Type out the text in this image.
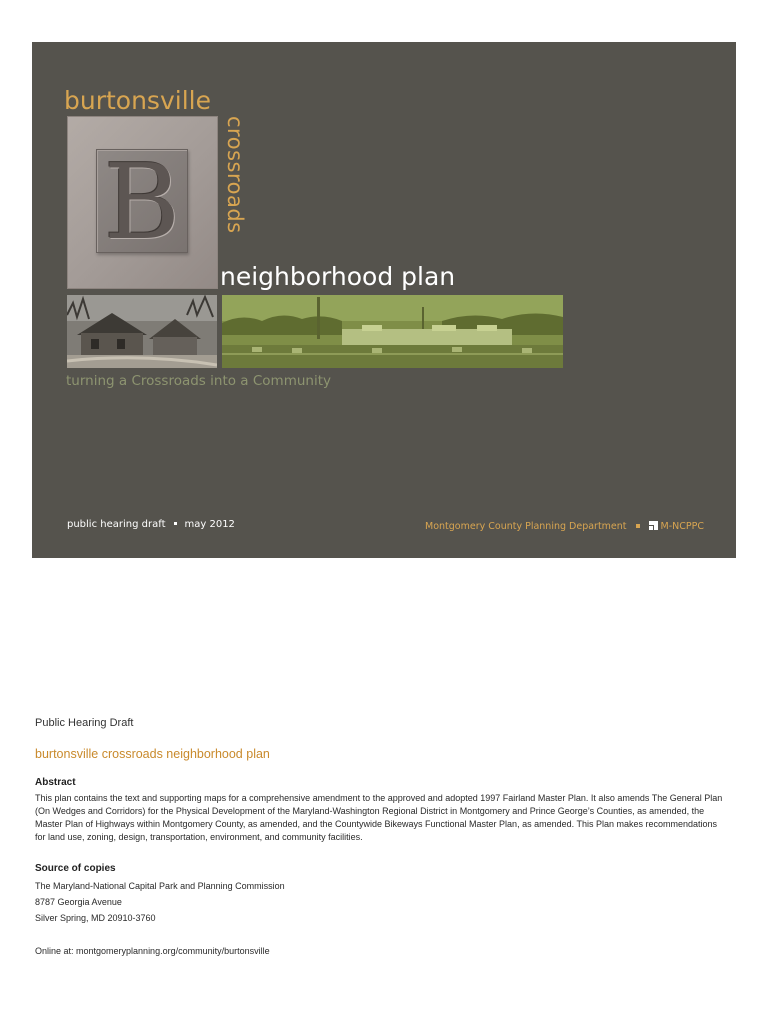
burtonsville
B	crossroads
neighborhood plan
turning a Crossroads into a Community
public hearing draft may 2012	Montgomery County Planning Department	M-NCPPC
Public Hearing Draft
burtonsville crossroads neighborhood plan
Abstract
This plan contains the text and supporting maps for a comprehensive amendment to the approved and adopted 1997 Fairland Master Plan. It also amends The General Plan (On Wedges and Corridors) for the Physical Development of the Maryland-Washington Regional District in Montgomery and Prince George’s Counties, as amended, the Master Plan of Highways within Montgomery County, as amended, and the Countywide Bikeways Functional Master Plan, as amended. This Plan makes recommendations for land use, zoning, design, transportation, environment, and community facilities.
Source of copies
The Maryland-National Capital Park and Planning Commission
8787 Georgia Avenue
Silver Spring, MD 20910-3760
Online at: montgomeryplanning.org/community/burtonsville
